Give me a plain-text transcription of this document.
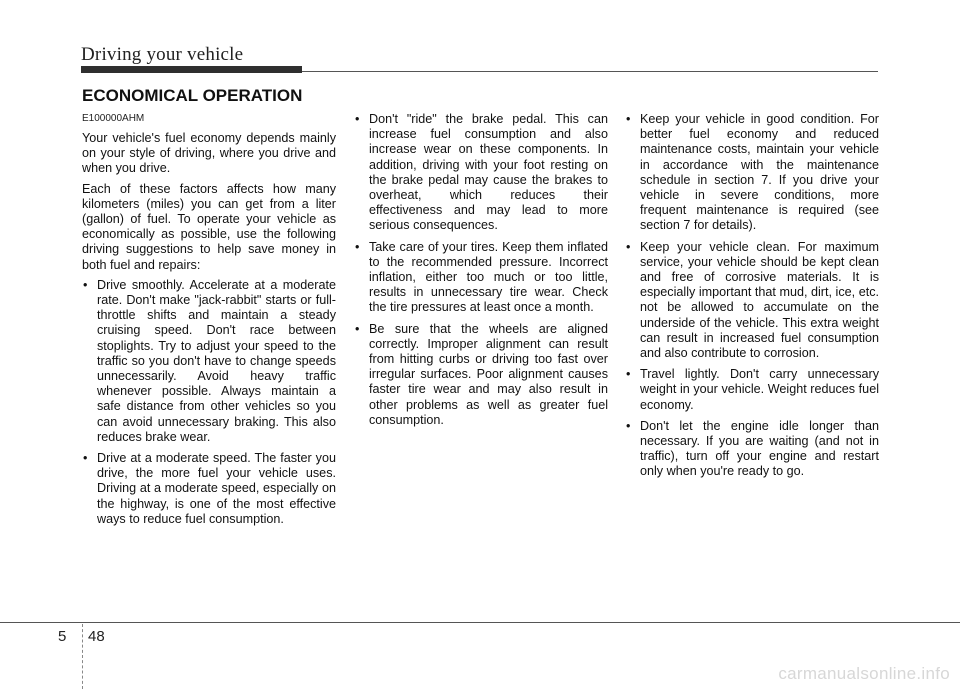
Driving your vehicle
ECONOMICAL OPERATION

E100000AHM

Your vehicle's fuel economy depends mainly on your style of driving, where you drive and when you drive.

Each of these factors affects how many kilometers (miles) you can get from a liter (gallon) of fuel. To operate your vehicle as economically as possible, use the following driving suggestions to help save money in both fuel and repairs:

• Drive smoothly. Accelerate at a moderate rate. Don't make "jack-rabbit" starts or full-throttle shifts and maintain a steady cruising speed. Don't race between stoplights. Try to adjust your speed to the traffic so you don't have to change speeds unnecessarily. Avoid heavy traffic whenever possible. Always maintain a safe distance from other vehicles so you can avoid unnecessary braking. This also reduces brake wear.
• Drive at a moderate speed. The faster you drive, the more fuel your vehicle uses. Driving at a moderate speed, especially on the highway, is one of the most effective ways to reduce fuel consumption.
• Don't "ride" the brake pedal. This can increase fuel consumption and also increase wear on these components. In addition, driving with your foot resting on the brake pedal may cause the brakes to overheat, which reduces their effectiveness and may lead to more serious consequences.
• Take care of your tires. Keep them inflated to the recommended pressure. Incorrect inflation, either too much or too little, results in unnecessary tire wear. Check the tire pressures at least once a month.
• Be sure that the wheels are aligned correctly. Improper alignment can result from hitting curbs or driving too fast over irregular surfaces. Poor alignment causes faster tire wear and may also result in other problems as well as greater fuel consumption.
• Keep your vehicle in good condition. For better fuel economy and reduced maintenance costs, maintain your vehicle in accordance with the maintenance schedule in section 7. If you drive your vehicle in severe conditions, more frequent maintenance is required (see section 7 for details).
• Keep your vehicle clean. For maximum service, your vehicle should be kept clean and free of corrosive materials. It is especially important that mud, dirt, ice, etc. not be allowed to accumulate on the underside of the vehicle. This extra weight can result in increased fuel consumption and also contribute to corrosion.
• Travel lightly. Don't carry unnecessary weight in your vehicle. Weight reduces fuel economy.
• Don't let the engine idle longer than necessary. If you are waiting (and not in traffic), turn off your engine and restart only when you're ready to go.
5 48
carmanualsonline.info
